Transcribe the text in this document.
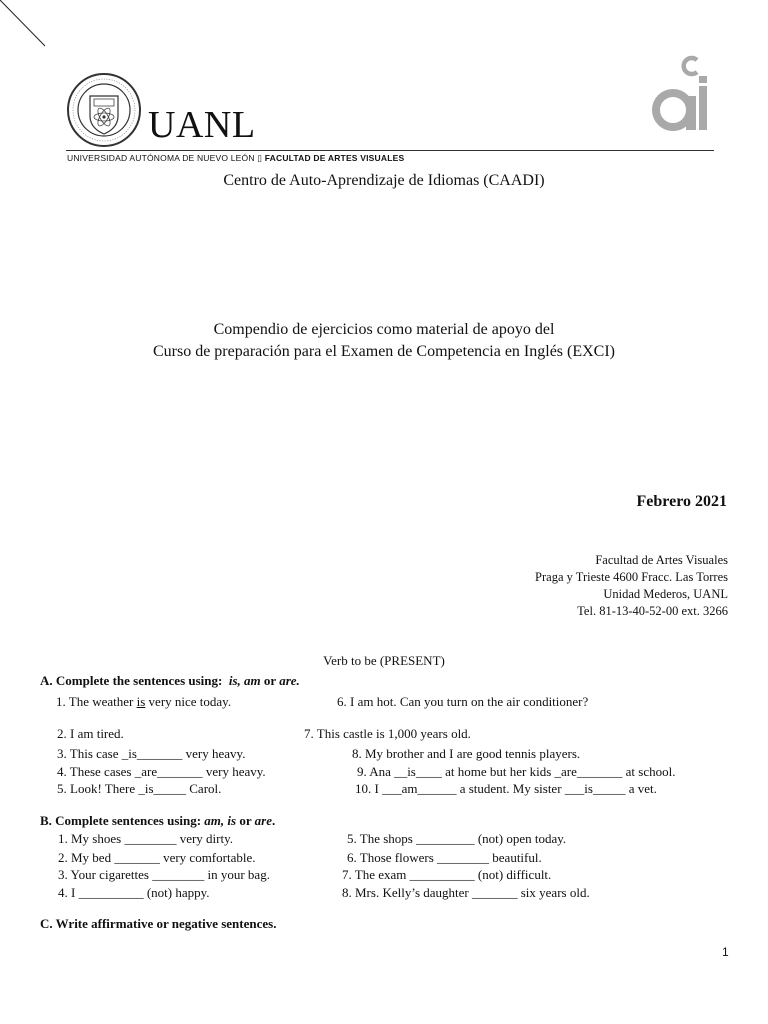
UANL
UNIVERSIDAD AUTÓNOMA DE NUEVO LEÓN ▯ FACULTAD DE ARTES VISUALES
Centro de Auto-Aprendizaje de Idiomas (CAADI)
Compendio de ejercicios como material de apoyo del
Curso de preparación para el Examen de Competencia en Inglés (EXCI)
Febrero 2021
Facultad de Artes Visuales
Praga y Trieste 4600 Fracc. Las Torres
Unidad Mederos, UANL
Tel. 81-13-40-52-00 ext. 3266
Verb to be (PRESENT)
A. Complete the sentences using: is, am or are.
1. The weather is very nice today.	6. I am hot. Can you turn on the air conditioner?
2. I am tired.	7. This castle is 1,000 years old.
3. This case _is_______ very heavy.	8. My brother and I are good tennis players.
4. These cases _are_______ very heavy.	9. Ana __is____ at home but her kids _are_______ at school.
5. Look! There _is_____ Carol.	10. I ___am______ a student. My sister ___is_____ a vet.
B. Complete sentences using: am, is or are.
1. My shoes ________ very dirty.	5. The shops _________ (not) open today.
2. My bed _______ very comfortable.	6. Those flowers ________ beautiful.
3. Your cigarettes ________ in your bag.	7. The exam __________ (not) difficult.
4. I __________ (not) happy.	8. Mrs. Kelly’s daughter _______ six years old.
C. Write affirmative or negative sentences.
1
